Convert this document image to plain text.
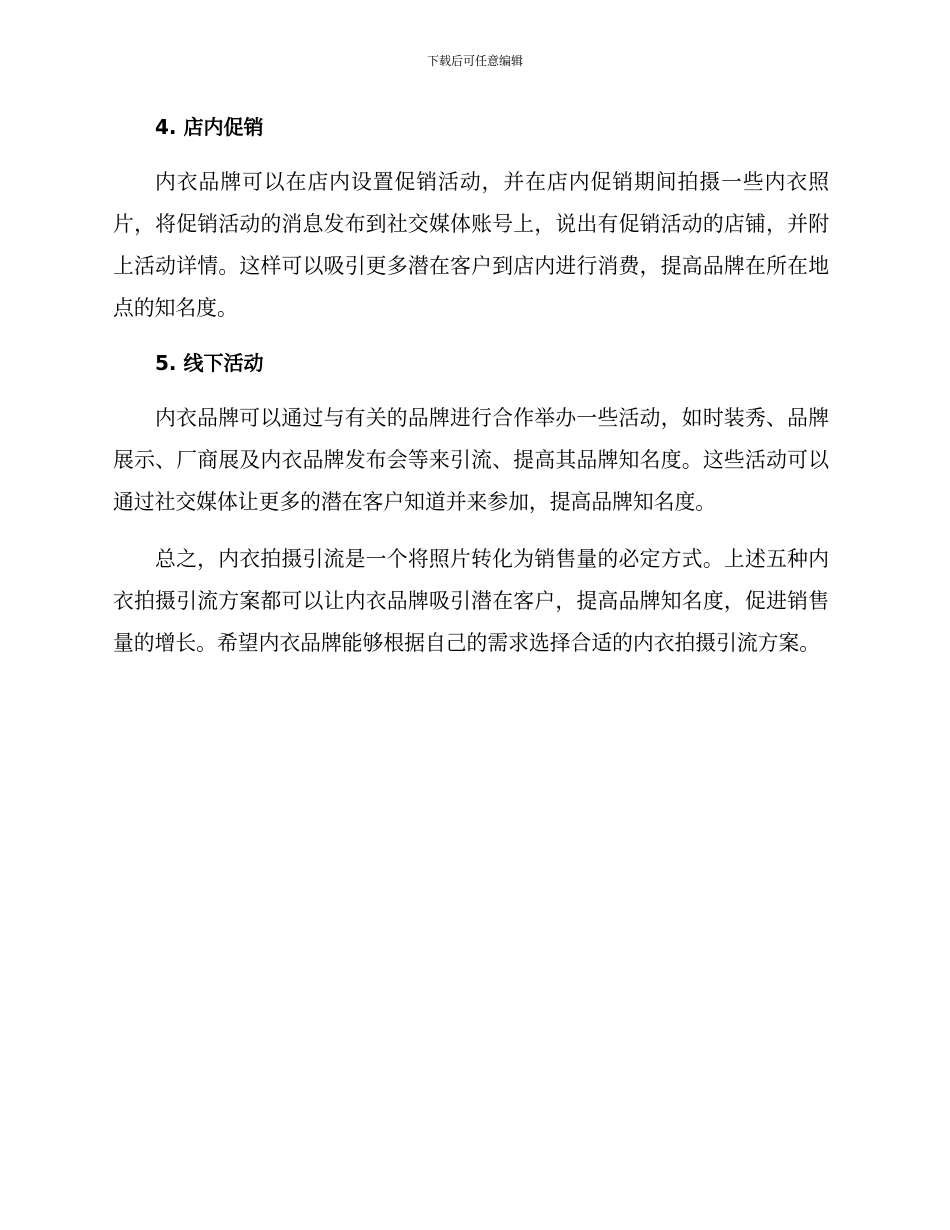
下载后可任意编辑
4. 店内促销
内衣品牌可以在店内设置促销活动，并在店内促销期间拍摄一些内衣照片，将促销活动的消息发布到社交媒体账号上，说出有促销活动的店铺，并附上活动详情。这样可以吸引更多潜在客户到店内进行消费，提高品牌在所在地点的知名度。
5. 线下活动
内衣品牌可以通过与有关的品牌进行合作举办一些活动，如时装秀、品牌展示、厂商展及内衣品牌发布会等来引流、提高其品牌知名度。这些活动可以通过社交媒体让更多的潜在客户知道并来参加，提高品牌知名度。
总之，内衣拍摄引流是一个将照片转化为销售量的必定方式。上述五种内衣拍摄引流方案都可以让内衣品牌吸引潜在客户，提高品牌知名度，促进销售量的增长。希望内衣品牌能够根据自己的需求选择合适的内衣拍摄引流方案。
